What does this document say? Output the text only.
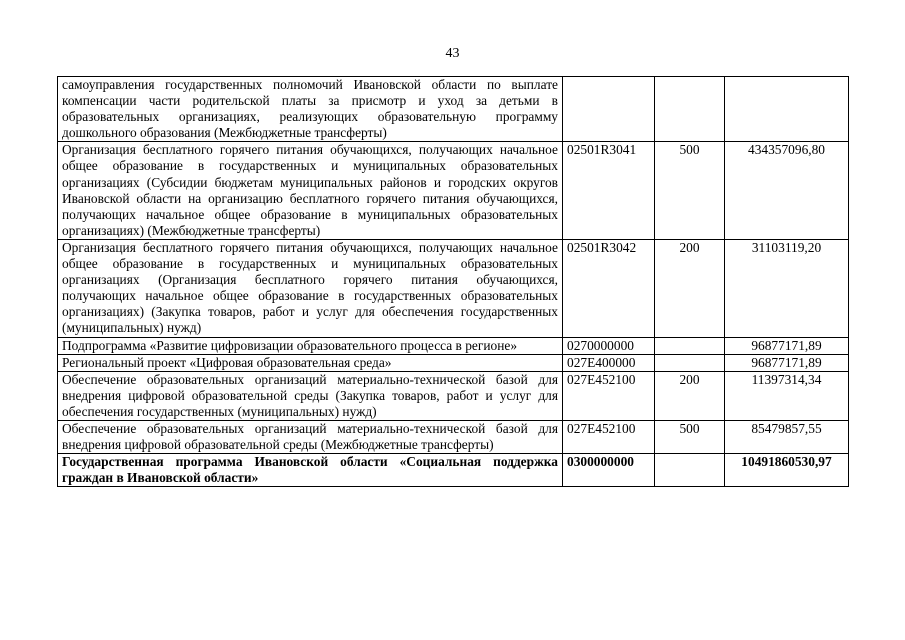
43
самоуправления государственных полномочий Ивановской области по выплате компенсации части родительской платы за присмотр и уход за детьми в образовательных организациях, реализующих образовательную программу дошкольного образования (Межбюджетные трансферты)			
Организация бесплатного горячего питания обучающихся, получающих начальное общее образование в государственных и муниципальных образовательных организациях (Субсидии бюджетам муниципальных районов и городских округов Ивановской области на организацию бесплатного горячего питания обучающихся, получающих начальное общее образование в муниципальных образовательных организациях) (Межбюджетные трансферты)	02501R3041	500	434357096,80
Организация бесплатного горячего питания обучающихся, получающих начальное общее образование в государственных и муниципальных образовательных организациях (Организация бесплатного горячего питания обучающихся, получающих начальное общее образование в государственных образовательных организациях) (Закупка товаров, работ и услуг для обеспечения государственных (муниципальных) нужд)	02501R3042	200	31103119,20
Подпрограмма «Развитие цифровизации образовательного процесса в регионе»	0270000000		96877171,89
Региональный проект «Цифровая образовательная среда»	027E400000		96877171,89
Обеспечение образовательных организаций материально-технической базой для внедрения цифровой образовательной среды (Закупка товаров, работ и услуг для обеспечения государственных (муниципальных) нужд)	027E452100	200	11397314,34
Обеспечение образовательных организаций материально-технической базой для внедрения цифровой образовательной среды (Межбюджетные трансферты)	027E452100	500	85479857,55
Государственная программа Ивановской области «Социальная поддержка граждан в Ивановской области»	0300000000		10491860530,97
